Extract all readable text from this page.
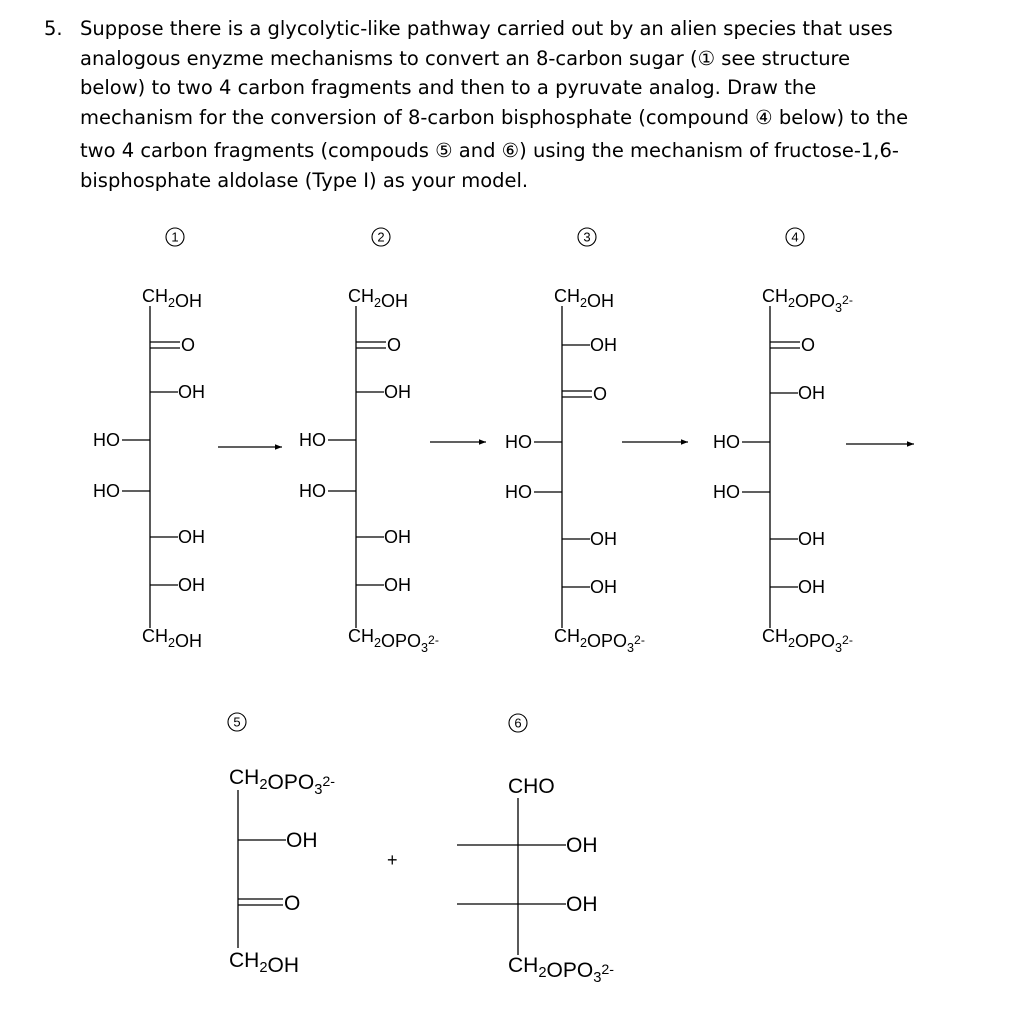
5. Suppose there is a glycolytic-like pathway carried out by an alien species that uses
analogous enyzme mechanisms to convert an 8-carbon sugar (① see structure
below) to two 4 carbon fragments and then to a pyruvate analog. Draw the
mechanism for the conversion of 8-carbon bisphosphate (compound ④ below) to the
two 4 carbon fragments (compouds ⑤ and ⑥) using the mechanism of fructose-1,6-
bisphosphate aldolase (Type I) as your model.
1
$CH_2OH$
O
OH
HO
HO
OH
OH
$CH_2OH$
2
$CH_2OH$
O
OH
HO
HO
OH
OH
$CH_2OPO_3^{2-}$
3
$CH_2OH$
OH
O
HO
HO
OH
OH
$CH_2OPO_3^{2-}$
4
$CH_2OPO_3^{2-}$
O
OH
HO
HO
OH
OH
$CH_2OPO_3^{2-}$
5
$CH_2OPO_3^{2-}$
OH
O
$CH_2OH$
6
CHO
OH
OH
$CH_2OPO_3^{2-}$
+
